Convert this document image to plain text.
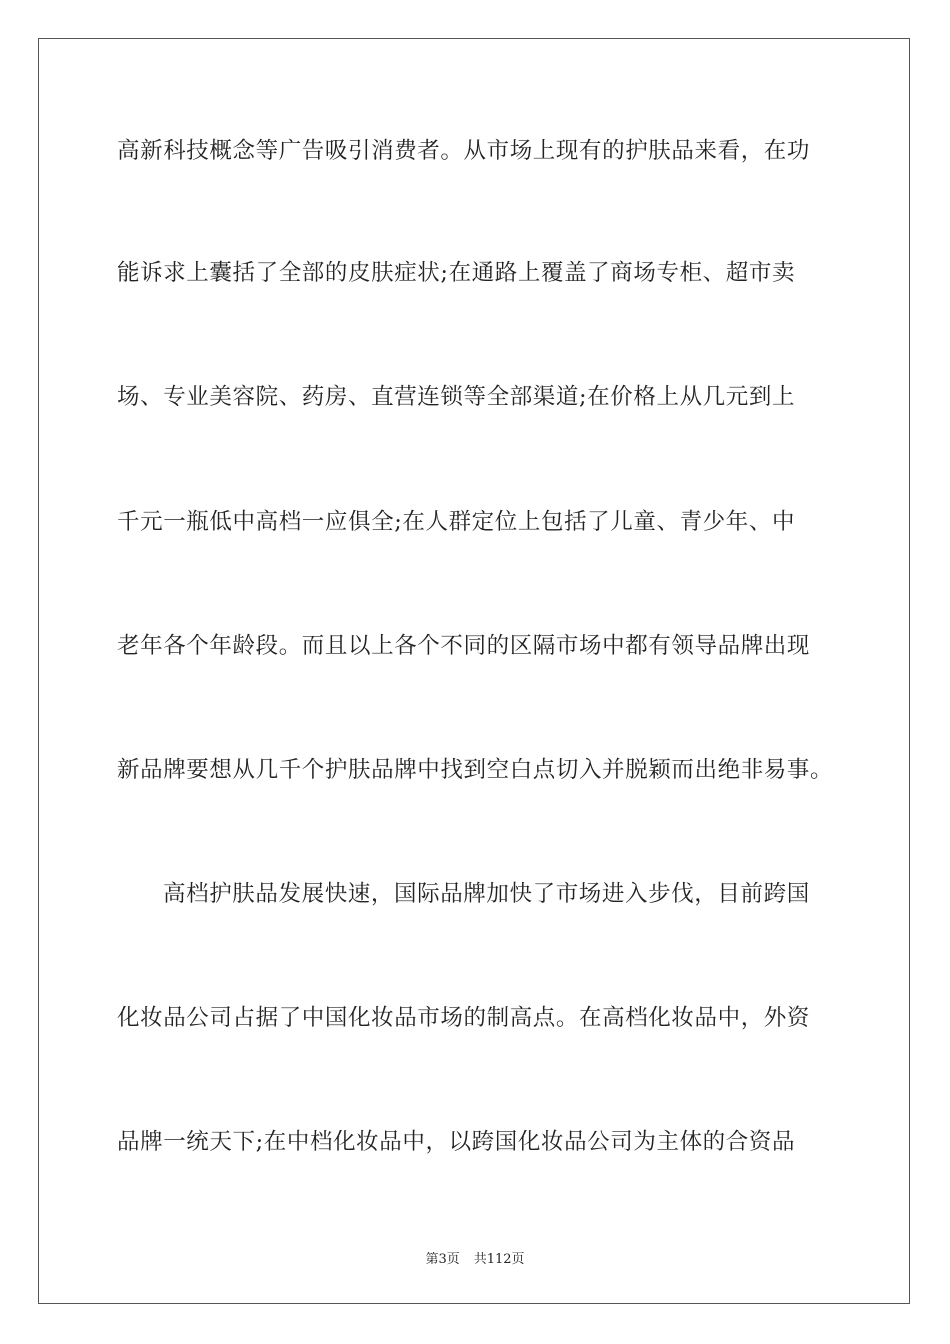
高新科技概念等广告吸引消费者。从市场上现有的护肤品来看，在功
能诉求上囊括了全部的皮肤症状;在通路上覆盖了商场专柜、超市卖
场、专业美容院、药房、直营连锁等全部渠道;在价格上从几元到上
千元一瓶低中高档一应俱全;在人群定位上包括了儿童、青少年、中
老年各个年龄段。而且以上各个不同的区隔市场中都有领导品牌出现
新品牌要想从几千个护肤品牌中找到空白点切入并脱颖而出绝非易事。
高档护肤品发展快速，国际品牌加快了市场进入步伐，目前跨国
化妆品公司占据了中国化妆品市场的制高点。在高档化妆品中，外资
品牌一统天下;在中档化妆品中，以跨国化妆品公司为主体的合资品
第3页 共112页
